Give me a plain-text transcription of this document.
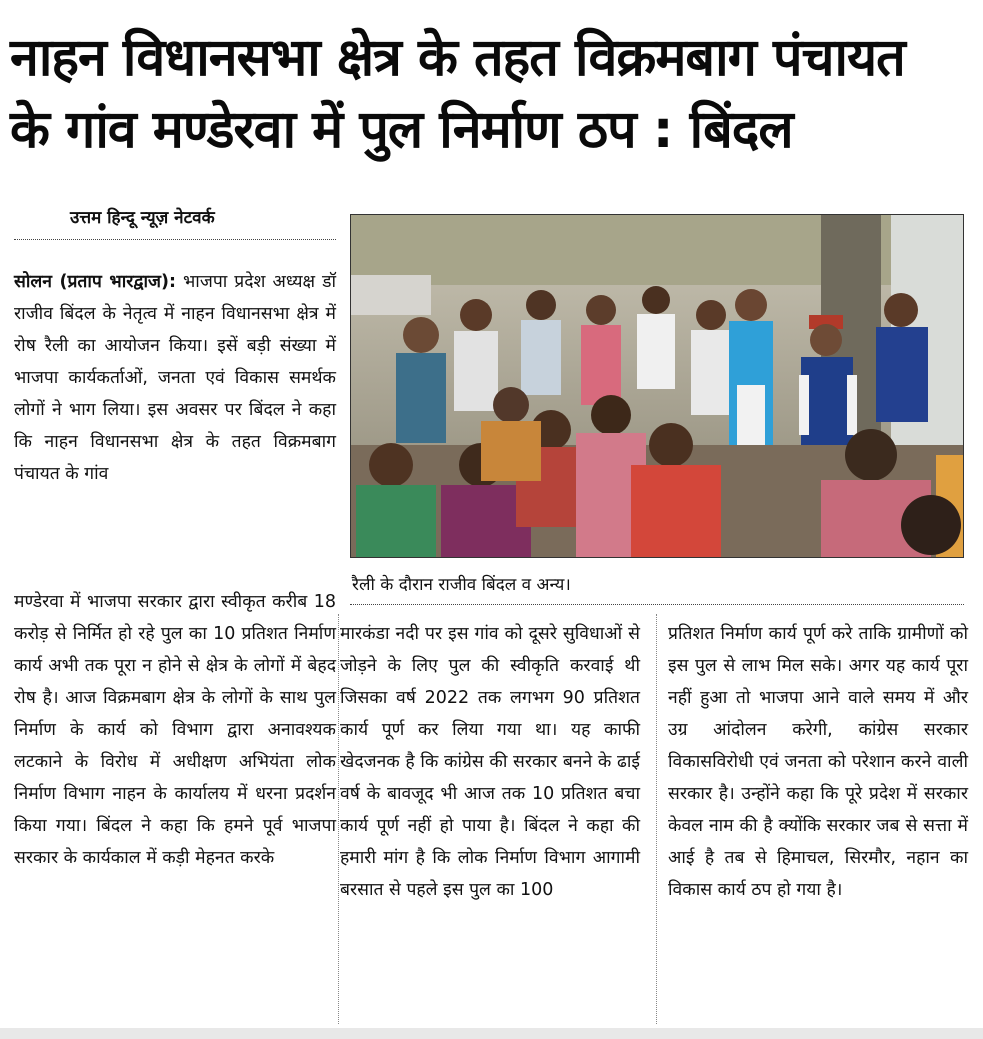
नाहन विधानसभा क्षेत्र के तहत विक्रमबाग पंचायत
के गांव मण्डेरवा में पुल निर्माण ठप : बिंदल
उत्तम हिन्दू न्यूज़ नेटवर्क
रैली के दौरान राजीव बिंदल व अन्य।

सोलन (प्रताप भारद्वाज): भाजपा प्रदेश अध्यक्ष डॉ राजीव बिंदल के नेतृत्व में नाहन विधानसभा क्षेत्र में रोष रैली का आयोजन किया। इसें बड़ी संख्या में भाजपा कार्यकर्ताओं, जनता एवं विकास समर्थक लोगों ने भाग लिया। इस अवसर पर बिंदल ने कहा कि नाहन विधानसभा क्षेत्र के तहत विक्रमबाग पंचायत के गांव

मण्डेरवा में भाजपा सरकार द्वारा स्वीकृत करीब 18 करोड़ से निर्मित हो रहे पुल का 10 प्रतिशत निर्माण कार्य अभी तक पूरा न होने से क्षेत्र के लोगों में बेहद रोष है। आज विक्रमबाग क्षेत्र के लोगों के साथ पुल निर्माण के कार्य को विभाग द्वारा अनावश्यक लटकाने के विरोध में अधीक्षण अभियंता लोक निर्माण विभाग नाहन के कार्यालय में धरना प्रदर्शन किया गया। बिंदल ने कहा कि हमने पूर्व भाजपा सरकार के कार्यकाल में कड़ी मेहनत करके

मारकंडा नदी पर इस गांव को दूसरे सुविधाओं से जोड़ने के लिए पुल की स्वीकृति करवाई थी जिसका वर्ष 2022 तक लगभग 90 प्रतिशत कार्य पूर्ण कर लिया गया था। यह काफी खेदजनक है कि कांग्रेस की सरकार बनने के ढाई वर्ष के बावजूद भी आज तक 10 प्रतिशत बचा कार्य पूर्ण नहीं हो पाया है। बिंदल ने कहा की हमारी मांग है कि लोक निर्माण विभाग आगामी बरसात से पहले इस पुल का 100

प्रतिशत निर्माण कार्य पूर्ण करे ताकि ग्रामीणों को इस पुल से लाभ मिल सके। अगर यह कार्य पूरा नहीं हुआ तो भाजपा आने वाले समय में और उग्र आंदोलन करेगी, कांग्रेस सरकार विकासविरोधी एवं जनता को परेशान करने वाली सरकार है। उन्होंने कहा कि पूरे प्रदेश में सरकार केवल नाम की है क्योंकि सरकार जब से सत्ता में आई है तब से हिमाचल, सिरमौर, नहान का विकास कार्य ठप हो गया है।
